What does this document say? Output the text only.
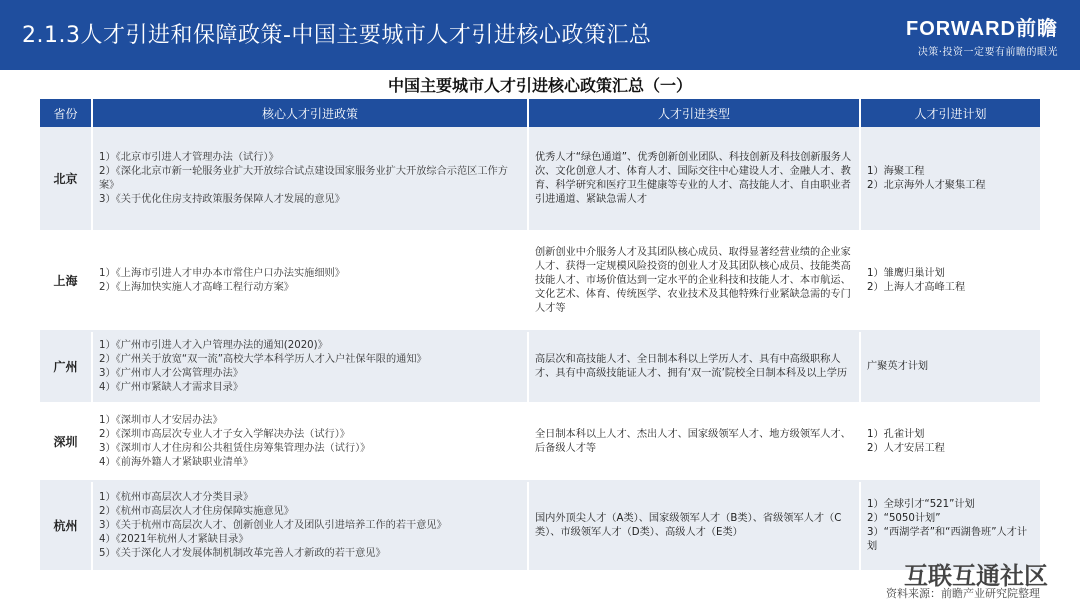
2.1.3人才引进和保障政策-中国主要城市人才引进核心政策汇总	FORWARD前瞻
决策·投资一定要有前瞻的眼光
中国主要城市人才引进核心政策汇总（一）
省份	核心人才引进政策	人才引进类型	人才引进计划
北京	1）《北京市引进人才管理办法（试行）》
2）《深化北京市新一轮服务业扩大开放综合试点建设国家服务业扩大开放综合示范区工作方案》
3）《关于优化住房支持政策服务保障人才发展的意见》	优秀人才“绿色通道”、优秀创新创业团队、科技创新及科技创新服务人次、文化创意人才、体育人才、国际交往中心建设人才、金融人才、教育、科学研究和医疗卫生健康等专业的人才、高技能人才、自由职业者引进通道、紧缺急需人才	1）海聚工程
2）北京海外人才聚集工程

上海	1）《上海市引进人才申办本市常住户口办法实施细则》
2）《上海加快实施人才高峰工程行动方案》	创新创业中介服务人才及其团队核心成员、取得显著经营业绩的企业家人才、获得一定规模风险投资的创业人才及其团队核心成员、技能类高技能人才、市场价值达到一定水平的企业科技和技能人才、本市航运、文化艺术、体育、传统医学、农业技术及其他特殊行业紧缺急需的专门人才等	1）雏鹰归巢计划
2）上海人才高峰工程

广州	1）《广州市引进人才入户管理办法的通知(2020)》
2）《广州关于放宽“双一流”高校大学本科学历人才入户社保年限的通知》
3）《广州市人才公寓管理办法》
4）《广州市紧缺人才需求目录》	高层次和高技能人才、全日制本科以上学历人才、具有中高级职称人才、具有中高级技能证人才、拥有‘双一流’院校全日制本科及以上学历	广聚英才计划

深圳	1）《深圳市人才安居办法》
2）《深圳市高层次专业人才子女入学解决办法（试行）》
3）《深圳市人才住房和公共租赁住房筹集管理办法（试行）》
4）《前海外籍人才紧缺职业清单》	全日制本科以上人才、杰出人才、国家级领军人才、地方级领军人才、后备级人才等	1）孔雀计划
2）人才安居工程

杭州	1）《杭州市高层次人才分类目录》
2）《杭州市高层次人才住房保障实施意见》
3）《关于杭州市高层次人才、创新创业人才及团队引进培养工作的若干意见》
4）《2021年杭州人才紧缺目录》
5）《关于深化人才发展体制机制改革完善人才新政的若干意见》	国内外顶尖人才（A类）、国家级领军人才（B类）、省级领军人才（C类）、市级领军人才（D类）、高级人才（E类）	1）全球引才“521”计划
2）“5050计划”
3）“西湖学者”和“西湖鲁班”人才计划
互联互通社区
资料来源：前瞻产业研究院整理
